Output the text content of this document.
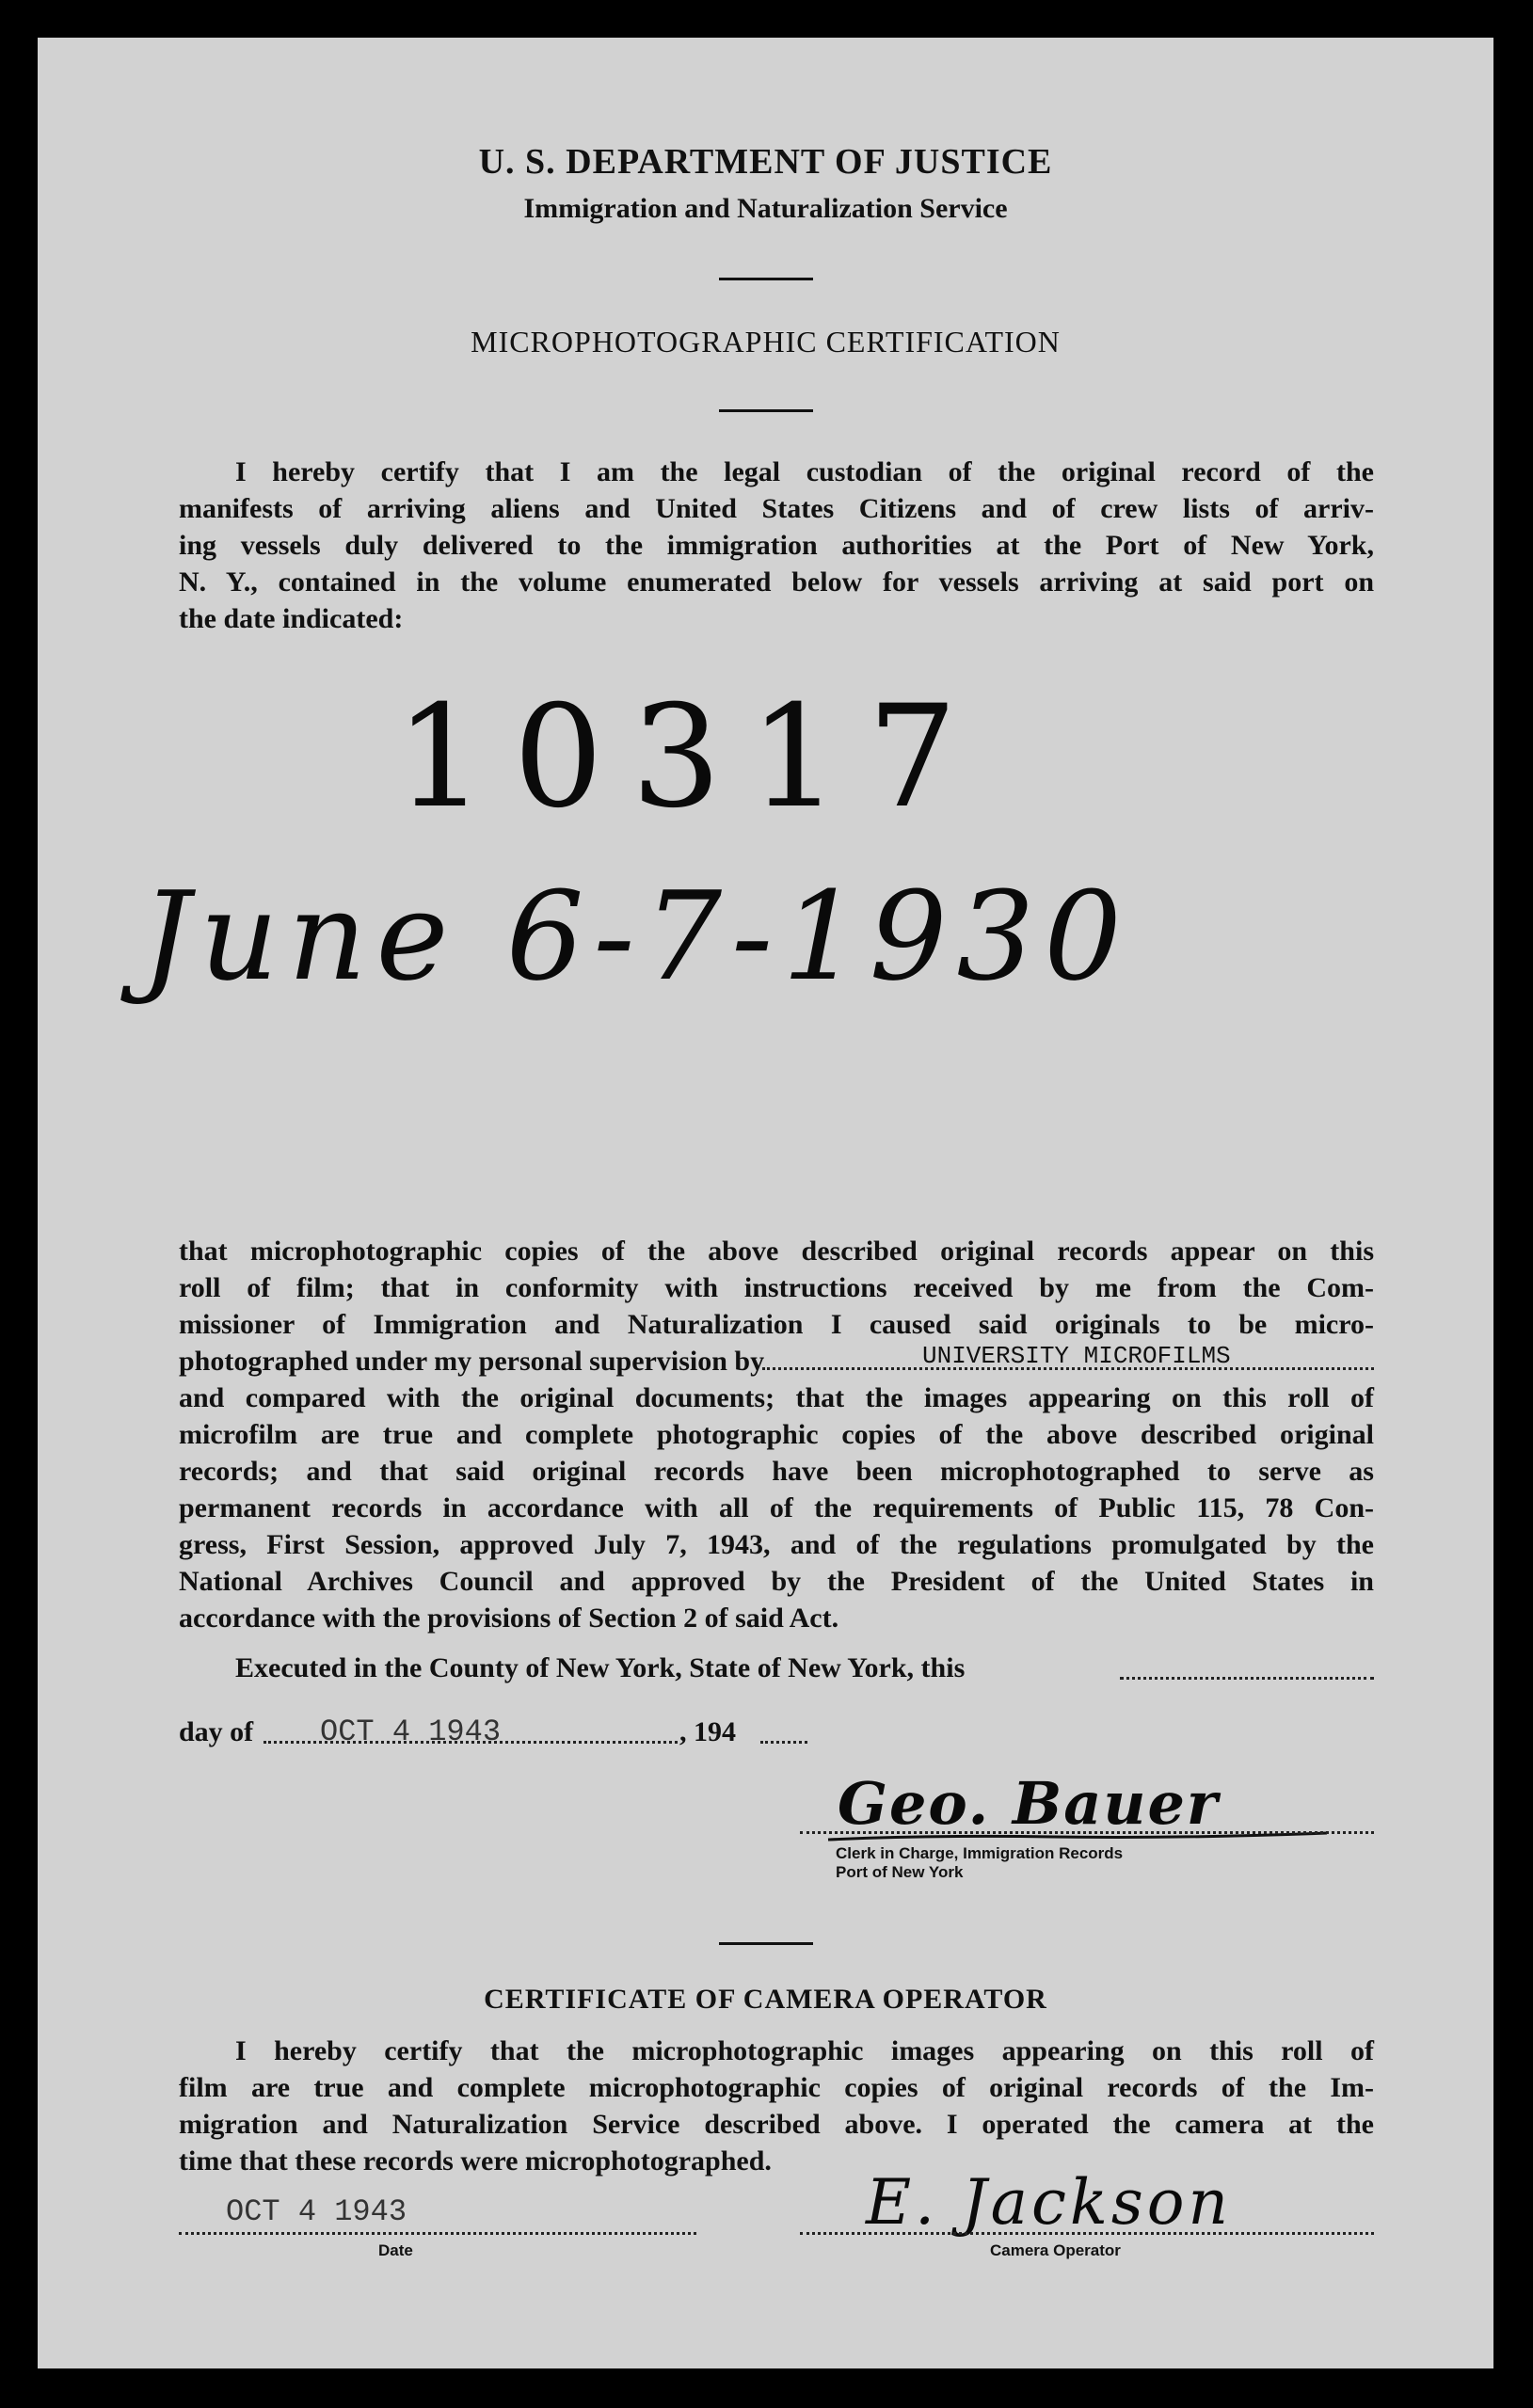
U. S. DEPARTMENT OF JUSTICE
Immigration and Naturalization Service
MICROPHOTOGRAPHIC CERTIFICATION
I hereby certify that I am the legal custodian of the original record of the
manifests of arriving aliens and United States Citizens and of crew lists of arriv-
ing vessels duly delivered to the immigration authorities at the Port of New York,
N. Y., contained in the volume enumerated below for vessels arriving at said port on
the date indicated:
10317
June 6-7-1930
that microphotographic copies of the above described original records appear on this
roll of film; that in conformity with instructions received by me from the Com-
missioner of Immigration and Naturalization I caused said originals to be micro-
photographed under my personal supervision by
and compared with the original documents; that the images appearing on this roll of
microfilm are true and complete photographic copies of the above described original
records; and that said original records have been microphotographed to serve as
permanent records in accordance with all of the requirements of Public 115, 78 Con-
gress, First Session, approved July 7, 1943, and of the regulations promulgated by the
National Archives Council and approved by the President of the United States in
accordance with the provisions of Section 2 of said Act.
UNIVERSITY MICROFILMS
Executed in the County of New York, State of New York, this
day of OCT 4 1943	, 194
Geo. Bauer
Clerk in Charge, Immigration Records
Port of New York
CERTIFICATE OF CAMERA OPERATOR
I hereby certify that the microphotographic images appearing on this roll of
film are true and complete microphotographic copies of original records of the Im-
migration and Naturalization Service described above. I operated the camera at the
time that these records were microphotographed.
OCT 4 1943
Date
E. Jackson
Camera Operator
